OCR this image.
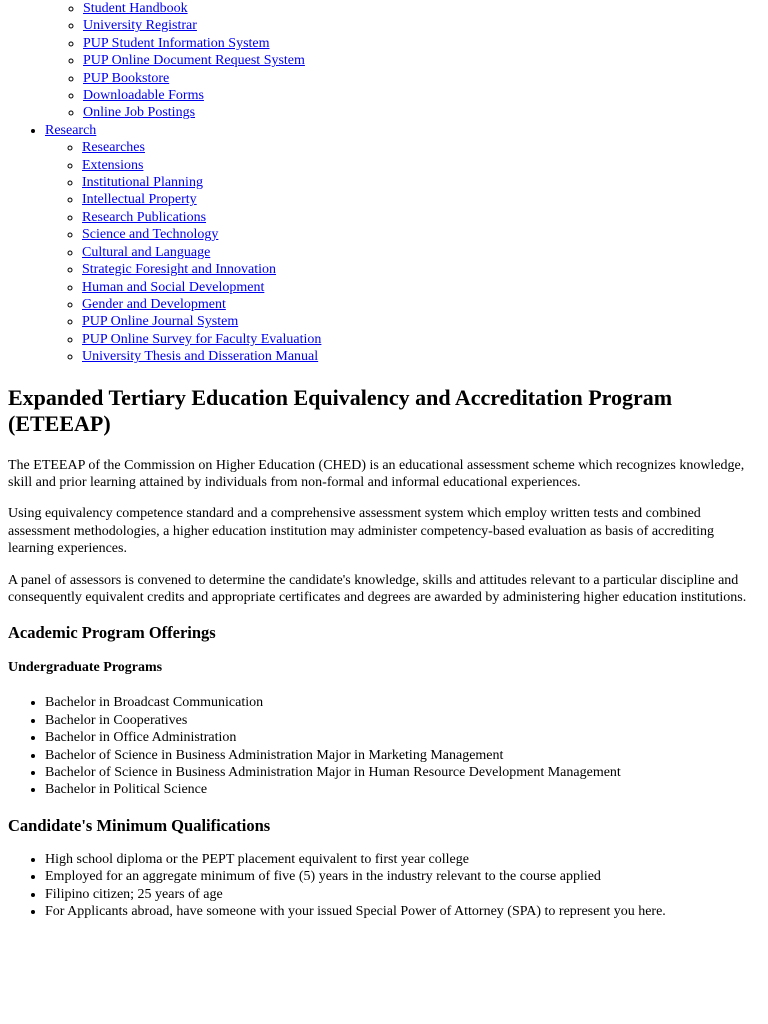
◦ Student Handbook
◦ University Registrar
◦ PUP Student Information System
◦ PUP Online Document Request System
◦ PUP Bookstore
◦ Downloadable Forms
◦ Online Job Postings
• Research
◦ Researches
◦ Extensions
◦ Institutional Planning
◦ Intellectual Property
◦ Research Publications
◦ Science and Technology
◦ Cultural and Language
◦ Strategic Foresight and Innovation
◦ Human and Social Development
◦ Gender and Development
◦ PUP Online Journal System
◦ PUP Online Survey for Faculty Evaluation
◦ University Thesis and Disseration Manual
Expanded Tertiary Education Equivalency and Accreditation Program (ETEEAP)

The ETEEAP of the Commission on Higher Education (CHED) is an educational assessment scheme which recognizes knowledge, skill and prior learning attained by individuals from non-formal and informal educational experiences.

Using equivalency competence standard and a comprehensive assessment system which employ written tests and combined assessment methodologies, a higher education institution may administer competency-based evaluation as basis of accrediting learning experiences.

A panel of assessors is convened to determine the candidate's knowledge, skills and attitudes relevant to a particular discipline and consequently equivalent credits and appropriate certificates and degrees are awarded by administering higher education institutions.

Academic Program Offerings
Undergraduate Programs
• Bachelor in Broadcast Communication
• Bachelor in Cooperatives
• Bachelor in Office Administration
• Bachelor of Science in Business Administration Major in Marketing Management
• Bachelor of Science in Business Administration Major in Human Resource Development Management
• Bachelor in Political Science
Candidate's Minimum Qualifications
• High school diploma or the PEPT placement equivalent to first year college
• Employed for an aggregate minimum of five (5) years in the industry relevant to the course applied
• Filipino citizen; 25 years of age
• For Applicants abroad, have someone with your issued Special Power of Attorney (SPA) to represent you here.
